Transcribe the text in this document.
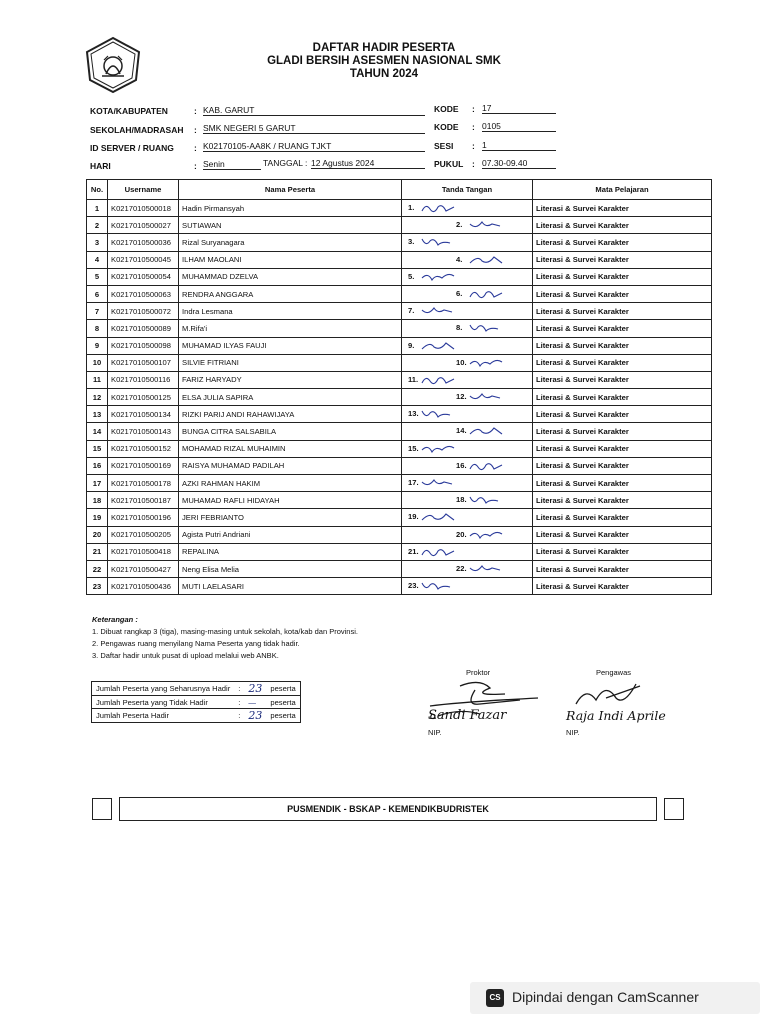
DAFTAR HADIR PESERTA
GLADI BERSIH ASESMEN NASIONAL SMK
TAHUN 2024
KOTA/KABUPATEN	: KAB. GARUT
SEKOLAH/MADRASAH : SMK NEGERI 5 GARUT
ID SERVER / RUANG : K02170105-AA8K / RUANG TJKT
HARI	: Senin	TANGGAL : 12 Agustus 2024
KODE : 17
KODE : 0105
SESI : 1
PUKUL : 07.30-09.40
No.	Username	Nama Peserta	Tanda Tangan	Mata Pelajaran
1	K0217010500018	Hadin Pirmansyah	1.	Literasi & Survei Karakter
2	K0217010500027	SUTIAWAN	2.	Literasi & Survei Karakter
3	K0217010500036	Rizal Suryanagara	3.	Literasi & Survei Karakter
4	K0217010500045	ILHAM MAOLANI	4.	Literasi & Survei Karakter
5	K0217010500054	MUHAMMAD DZELVA	5.	Literasi & Survei Karakter
6	K0217010500063	RENDRA ANGGARA	6.	Literasi & Survei Karakter
7	K0217010500072	Indra Lesmana	7.	Literasi & Survei Karakter
8	K0217010500089	M.Rifa'i	8.	Literasi & Survei Karakter
9	K0217010500098	MUHAMAD ILYAS FAUJI	9.	Literasi & Survei Karakter
10	K0217010500107	SILVIE FITRIANI	10.	Literasi & Survei Karakter
11	K0217010500116	FARIZ HARYADY	11.	Literasi & Survei Karakter
12	K0217010500125	ELSA JULIA SAPIRA	12.	Literasi & Survei Karakter
13	K0217010500134	RIZKI PARIJ ANDI RAHAWIJAYA	13.	Literasi & Survei Karakter
14	K0217010500143	BUNGA CITRA SALSABILA	14.	Literasi & Survei Karakter
15	K0217010500152	MOHAMAD RIZAL MUHAIMIN	15.	Literasi & Survei Karakter
16	K0217010500169	RAISYA MUHAMAD PADILAH	16.	Literasi & Survei Karakter
17	K0217010500178	AZKI RAHMAN HAKIM	17.	Literasi & Survei Karakter
18	K0217010500187	MUHAMAD RAFLI HIDAYAH	18.	Literasi & Survei Karakter
19	K0217010500196	JERI FEBRIANTO	19.	Literasi & Survei Karakter
20	K0217010500205	Agista Putri Andriani	20.	Literasi & Survei Karakter
21	K0217010500418	REPALINA	21.	Literasi & Survei Karakter
22	K0217010500427	Neng Elisa Melia	22.	Literasi & Survei Karakter
23	K0217010500436	MUTI LAELASARI	23.	Literasi & Survei Karakter
Keterangan :
1. Dibuat rangkap 3 (tiga), masing-masing untuk sekolah, kota/kab dan Provinsi.
2. Pengawas ruang menyilang Nama Peserta yang tidak hadir.
3. Daftar hadir untuk pusat di upload melalui web ANBK.
Jumlah Peserta yang Seharusnya Hadir	:	23	peserta
Jumlah Peserta yang Tidak Hadir	:	—	peserta
Jumlah Peserta Hadir	:	23	peserta
Proktor	Pengawas
Sandi Fazar	Raja Indi Aprile
NIP.	NIP.
PUSMENDIK - BSKAP - KEMENDIKBUDRISTEK
CS Dipindai dengan CamScanner
